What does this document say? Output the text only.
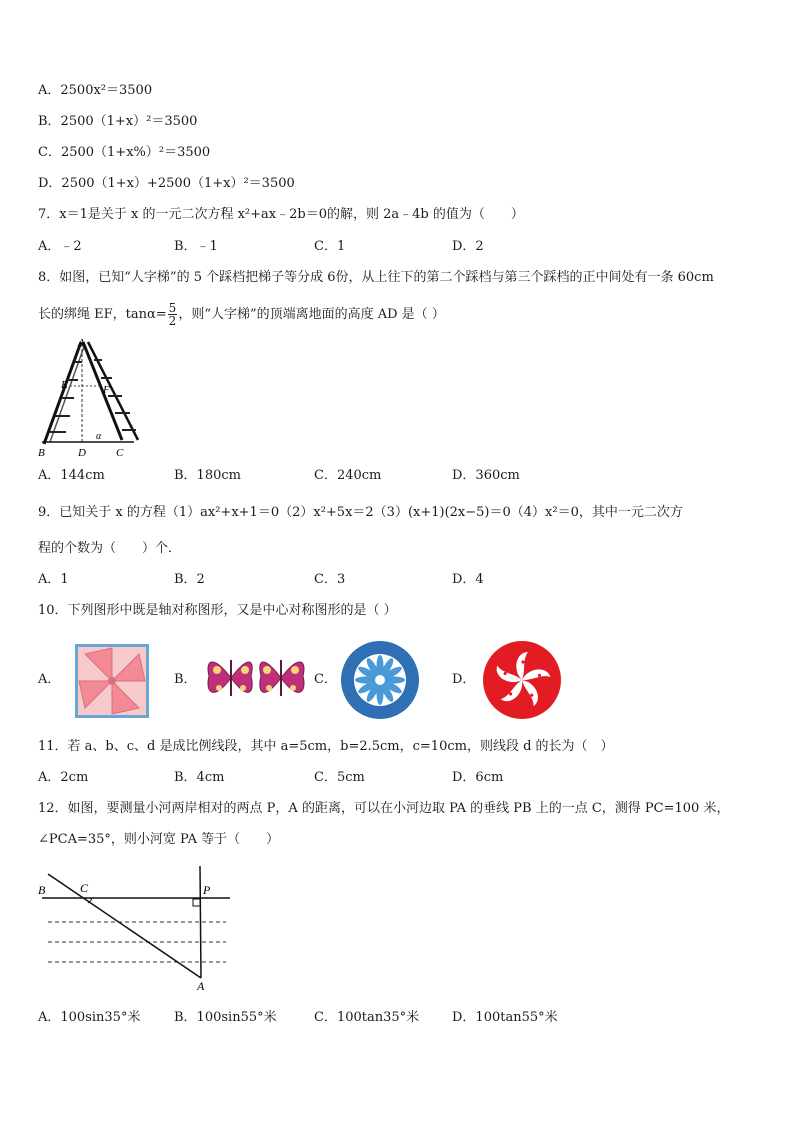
A．2500x²＝3500
B．2500（1+x）²＝3500
C．2500（1+x%）²＝3500
D．2500（1+x）+2500（1+x）²＝3500
7．x＝1是关于 x 的一元二次方程 x²+ax﹣2b＝0的解，则 2a﹣4b 的值为（　　）
A．﹣2	B．﹣1	C．1	D．2
8．如图，已知“人字梯”的 5 个踩档把梯子等分成 6份，从上往下的第二个踩档与第三个踩档的正中间处有一条 60cm
长的绑绳 EF，$\tan\alpha= \frac{5}{2}$ ，则“人字梯”的顶端离地面的高度 AD 是（ ）
A
E	F
B	D	C
α
A．144cm	B．180cm	C．240cm	D．360cm
9．已知关于 x 的方程（1）ax²+x+1＝0（2）x²+5x＝2（3）(x+1)(2x−5)＝0（4）x²＝0，其中一元二次方
程的个数为（　　）个．
A．1	B．2	C．3	D．4
10．下列图形中既是轴对称图形，又是中心对称图形的是（ ）
A．	B．	C．	D．
11．若 a、b、c、d 是成比例线段，其中 a=5cm，b=2.5cm，c=10cm，则线段 d 的长为（　）
A．2cm	B．4cm	C．5cm	D．6cm
12．如图，要测量小河两岸相对的两点 P，A 的距离，可以在小河边取 PA 的垂线 PB 上的一点 C，测得 PC=100 米，
∠PCA=35°，则小河宽 PA 等于（　　）
B	C	P
A
A．100sin35°米	B．100sin55°米	C．100tan35°米	D．100tan55°米
